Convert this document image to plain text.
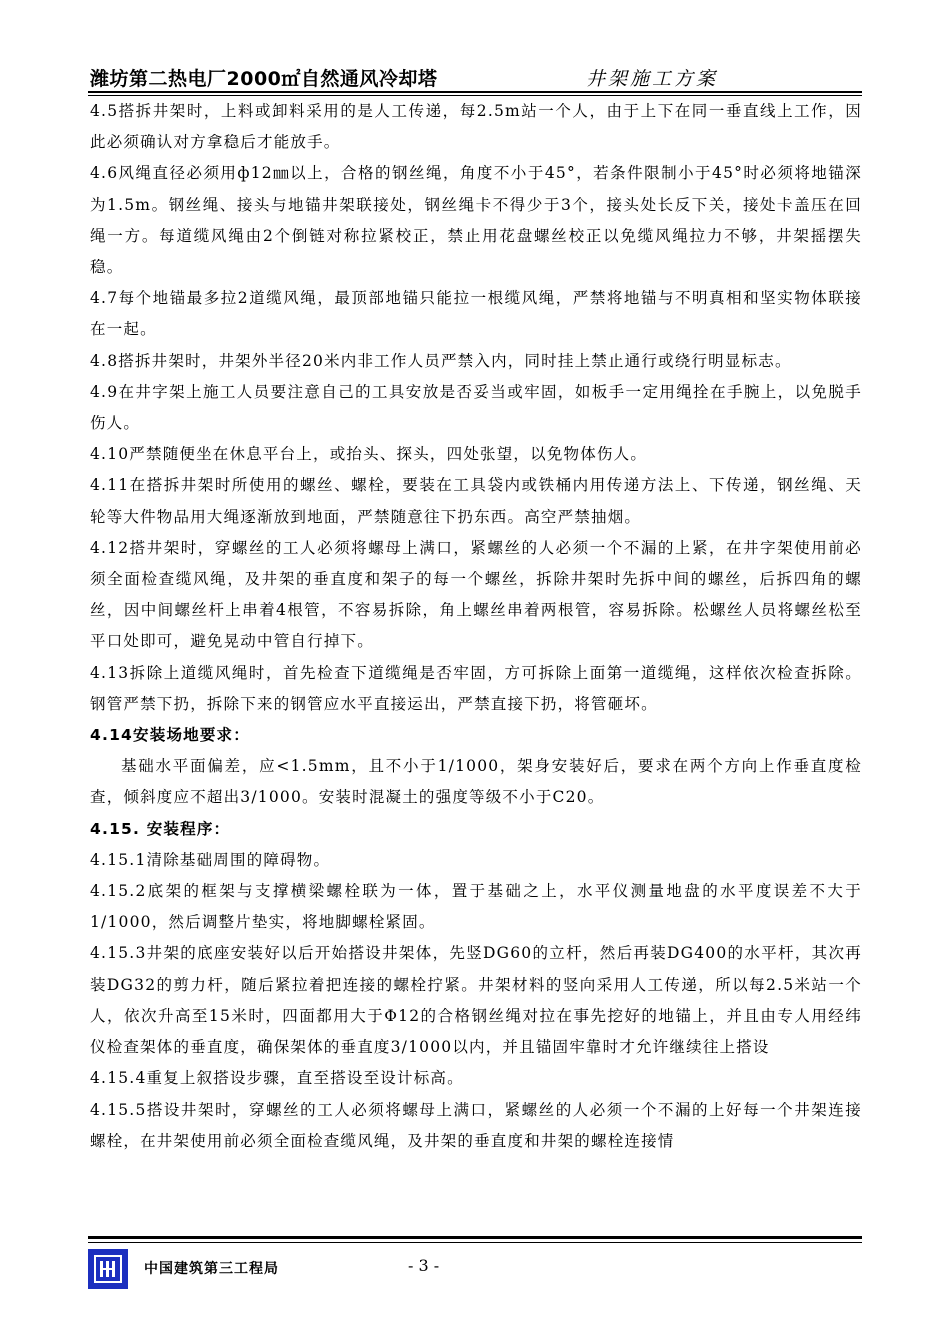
潍坊第二热电厂2000㎡自然通风冷却塔	井架施工方案

4.5搭拆井架时，上料或卸料采用的是人工传递，每2.5m站一个人，由于上下在同一垂直线上工作，因此必须确认对方拿稳后才能放手。

4.6风绳直径必须用ф12㎜以上，合格的钢丝绳，角度不小于45°，若条件限制小于45°时必须将地锚深为1.5m。钢丝绳、接头与地锚井架联接处，钢丝绳卡不得少于3个，接头处长反下关，接处卡盖压在回绳一方。每道缆风绳由2个倒链对称拉紧校正，禁止用花盘螺丝校正以免缆风绳拉力不够，井架摇摆失稳。

4.7每个地锚最多拉2道缆风绳，最顶部地锚只能拉一根缆风绳，严禁将地锚与不明真相和坚实物体联接在一起。

4.8搭拆井架时，井架外半径20米内非工作人员严禁入内，同时挂上禁止通行或绕行明显标志。

4.9在井字架上施工人员要注意自己的工具安放是否妥当或牢固，如板手一定用绳拴在手腕上，以免脱手伤人。

4.10严禁随便坐在休息平台上，或抬头、探头，四处张望，以免物体伤人。

4.11在搭拆井架时所使用的螺丝、螺栓，要装在工具袋内或铁桶内用传递方法上、下传递，钢丝绳、天轮等大件物品用大绳逐渐放到地面，严禁随意往下扔东西。高空严禁抽烟。

4.12搭井架时，穿螺丝的工人必须将螺母上满口，紧螺丝的人必须一个不漏的上紧，在井字架使用前必须全面检查缆风绳，及井架的垂直度和架子的每一个螺丝，拆除井架时先拆中间的螺丝，后拆四角的螺丝，因中间螺丝杆上串着4根管，不容易拆除，角上螺丝串着两根管，容易拆除。松螺丝人员将螺丝松至平口处即可，避免晃动中管自行掉下。

4.13拆除上道缆风绳时，首先检查下道缆绳是否牢固，方可拆除上面第一道缆绳，这样依次检查拆除。钢管严禁下扔，拆除下来的钢管应水平直接运出，严禁直接下扔，将管砸坏。

4.14安装场地要求：

基础水平面偏差，应<1.5mm，且不小于1/1000，架身安装好后，要求在两个方向上作垂直度检查，倾斜度应不超出3/1000。安装时混凝土的强度等级不小于C20。

4.15. 安装程序：

4.15.1清除基础周围的障碍物。

4.15.2底架的框架与支撑横梁螺栓联为一体，置于基础之上，水平仪测量地盘的水平度误差不大于1/1000，然后调整片垫实，将地脚螺栓紧固。

4.15.3井架的底座安装好以后开始搭设井架体，先竖DG60的立杆，然后再装DG400的水平杆，其次再装DG32的剪力杆，随后紧拉着把连接的螺栓拧紧。井架材料的竖向采用人工传递，所以每2.5米站一个人，依次升高至15米时，四面都用大于Φ12的合格钢丝绳对拉在事先挖好的地锚上，并且由专人用经纬仪检查架体的垂直度，确保架体的垂直度3/1000以内，并且锚固牢靠时才允许继续往上搭设

4.15.4重复上叙搭设步骤，直至搭设至设计标高。

4.15.5搭设井架时，穿螺丝的工人必须将螺母上满口，紧螺丝的人必须一个不漏的上好每一个井架连接螺栓，在井架使用前必须全面检查缆风绳，及井架的垂直度和井架的螺栓连接情

中国建筑第三工程局	- 3 -
